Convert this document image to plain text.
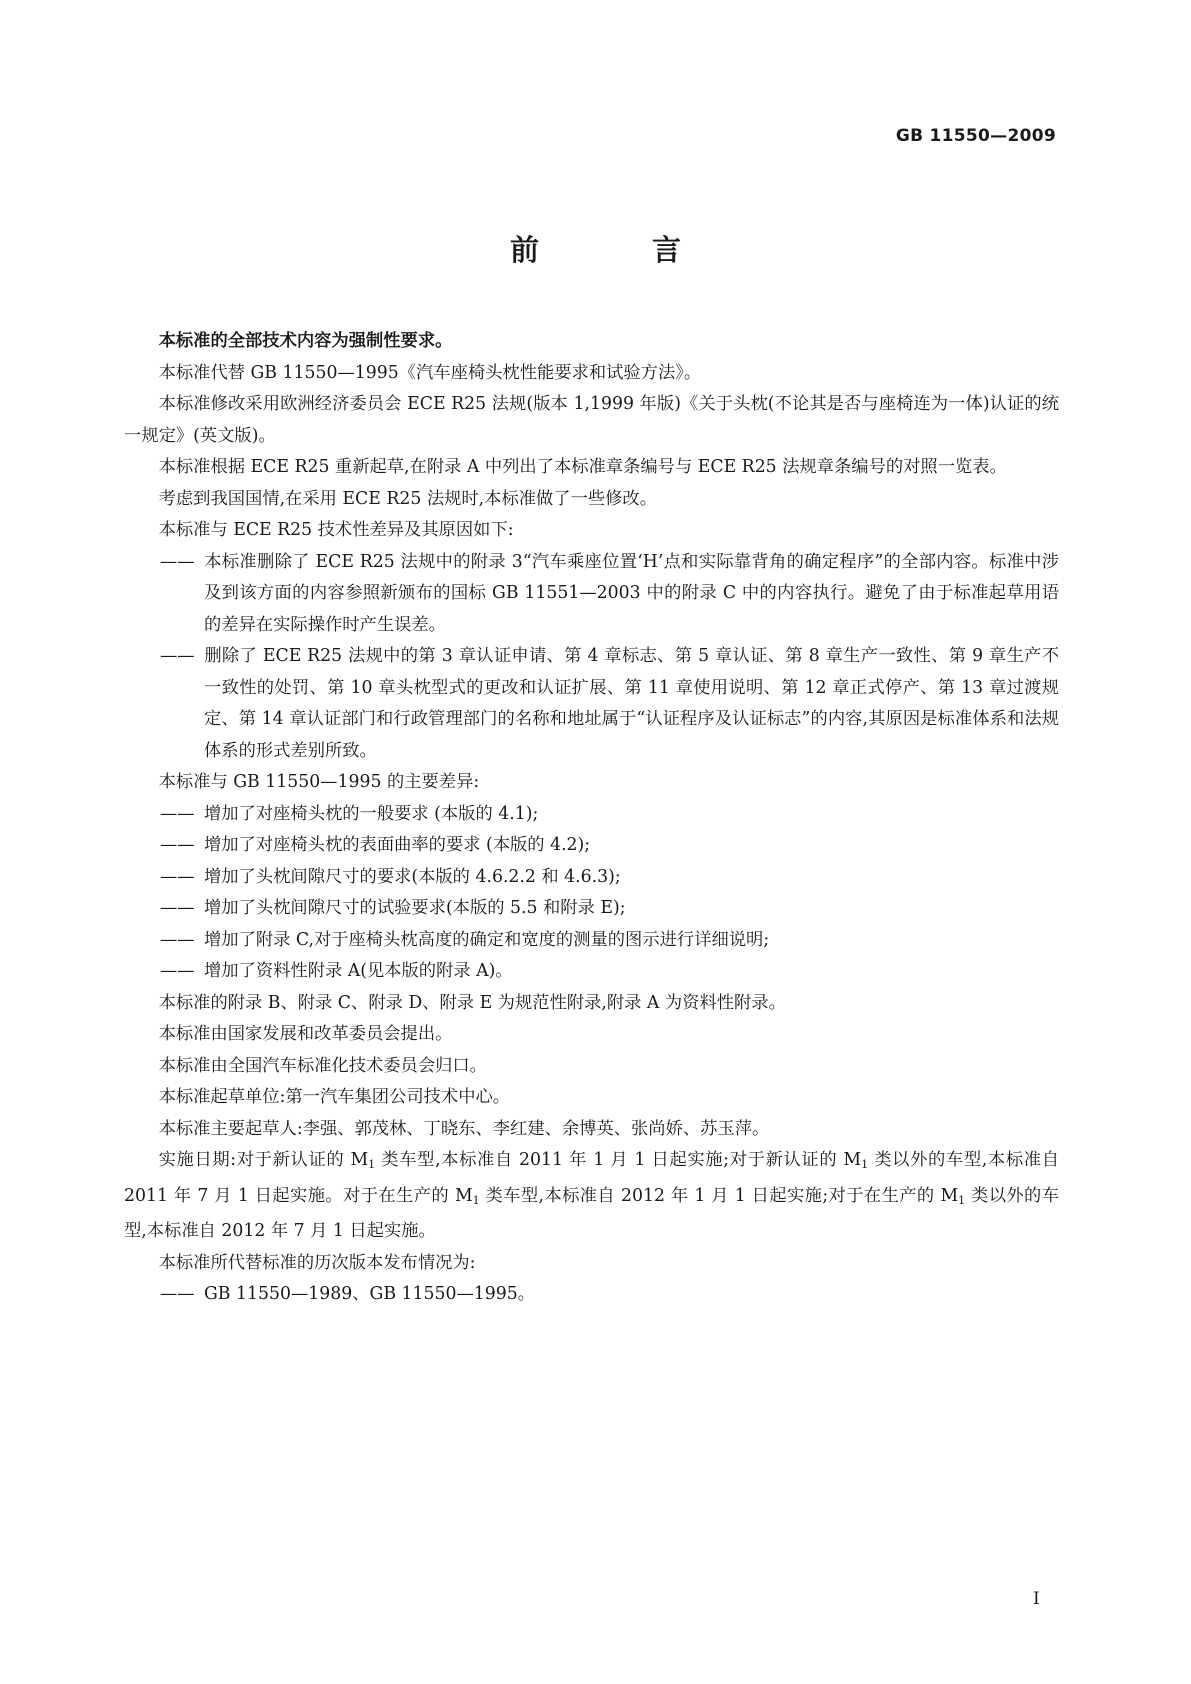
GB 11550—2009
前　言

本标准的全部技术内容为强制性要求。

本标准代替 GB 11550—1995《汽车座椅头枕性能要求和试验方法》。

本标准修改采用欧洲经济委员会 ECE R25 法规(版本 1,1999 年版)《关于头枕(不论其是否与座椅连为一体)认证的统一规定》(英文版)。

本标准根据 ECE R25 重新起草,在附录 A 中列出了本标准章条编号与 ECE R25 法规章条编号的对照一览表。

考虑到我国国情,在采用 ECE R25 法规时,本标准做了一些修改。

本标准与 ECE R25 技术性差异及其原因如下:

—— 本标准删除了 ECE R25 法规中的附录 3“汽车乘座位置‘H’点和实际靠背角的确定程序”的全部内容。标准中涉及到该方面的内容参照新颁布的国标 GB 11551—2003 中的附录 C 中的内容执行。避免了由于标准起草用语的差异在实际操作时产生误差。

—— 删除了 ECE R25 法规中的第 3 章认证申请、第 4 章标志、第 5 章认证、第 8 章生产一致性、第 9 章生产不一致性的处罚、第 10 章头枕型式的更改和认证扩展、第 11 章使用说明、第 12 章正式停产、第 13 章过渡规定、第 14 章认证部门和行政管理部门的名称和地址属于“认证程序及认证标志”的内容,其原因是标准体系和法规体系的形式差别所致。

本标准与 GB 11550—1995 的主要差异:

—— 增加了对座椅头枕的一般要求 (本版的 4.1);

—— 增加了对座椅头枕的表面曲率的要求 (本版的 4.2);

—— 增加了头枕间隙尺寸的要求(本版的 4.6.2.2 和 4.6.3);

—— 增加了头枕间隙尺寸的试验要求(本版的 5.5 和附录 E);

—— 增加了附录 C,对于座椅头枕高度的确定和宽度的测量的图示进行详细说明;

—— 增加了资料性附录 A(见本版的附录 A)。

本标准的附录 B、附录 C、附录 D、附录 E 为规范性附录,附录 A 为资料性附录。

本标准由国家发展和改革委员会提出。

本标准由全国汽车标准化技术委员会归口。

本标准起草单位:第一汽车集团公司技术中心。

本标准主要起草人:李强、郭茂林、丁晓东、李红建、余博英、张尚娇、苏玉萍。

实施日期:对于新认证的 $M_1$ 类车型,本标准自 2011 年 1 月 1 日起实施;对于新认证的 $M_1$ 类以外的车型,本标准自 2011 年 7 月 1 日起实施。对于在生产的 $M_1$ 类车型,本标准自 2012 年 1 月 1 日起实施;对于在生产的 $M_1$ 类以外的车型,本标准自 2012 年 7 月 1 日起实施。

本标准所代替标准的历次版本发布情况为:

—— GB 11550—1989、GB 11550—1995。

I
